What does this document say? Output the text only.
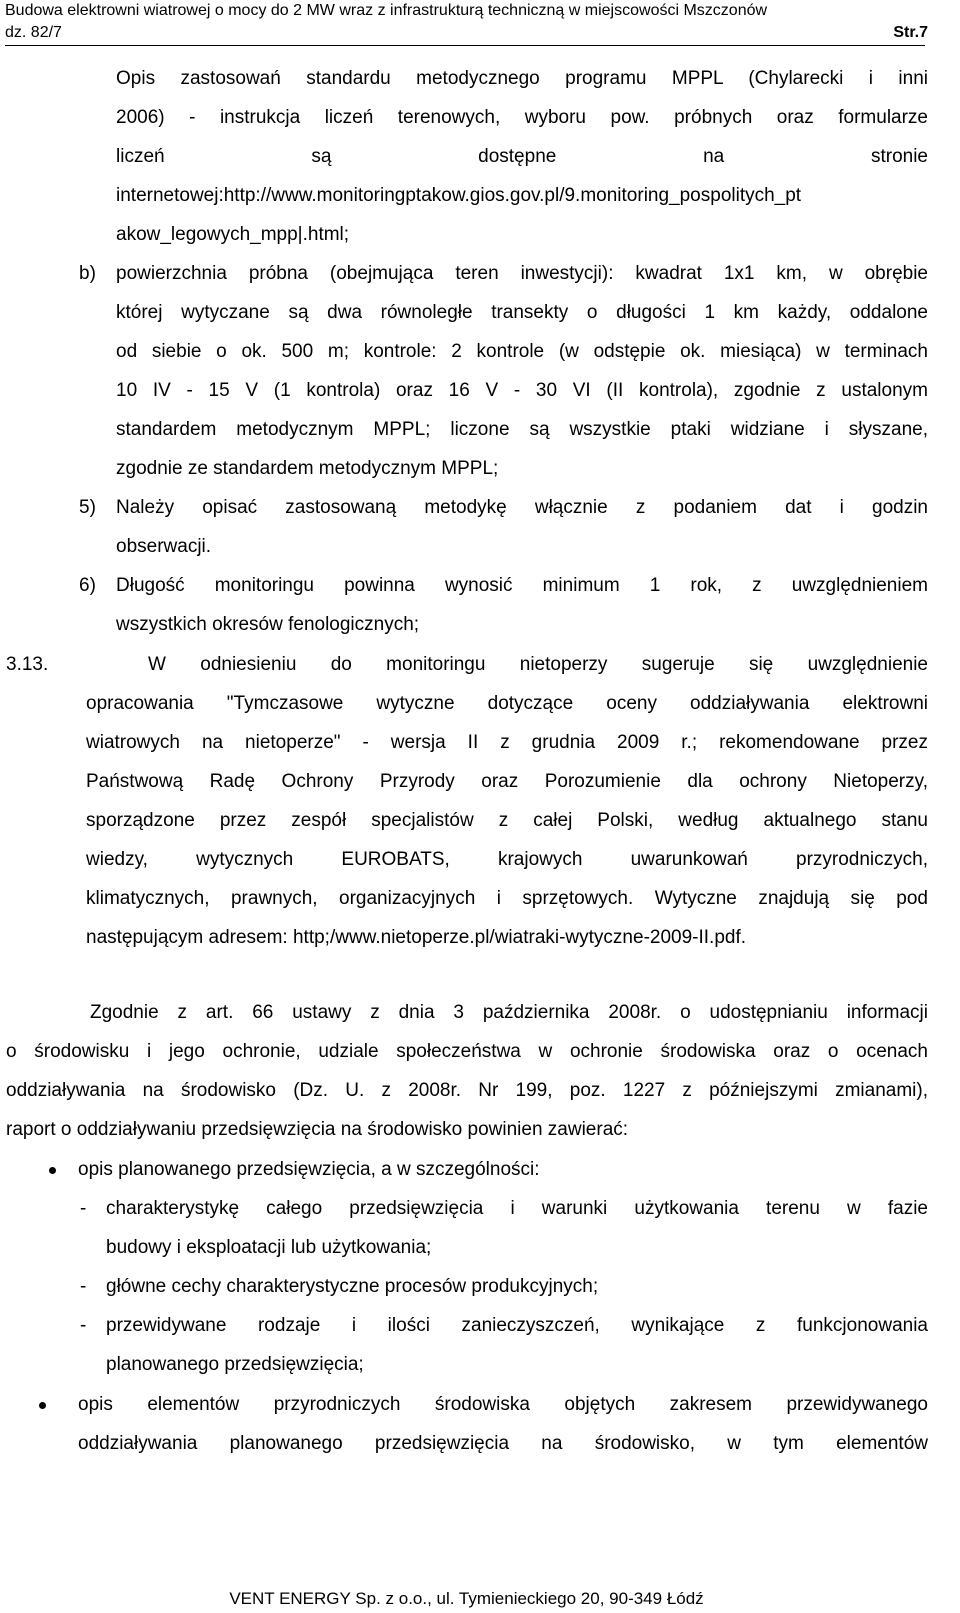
Budowa elektrowni wiatrowej o mocy do 2 MW wraz z infrastrukturą techniczną w miejscowości Mszczonów
dz. 82/7	Str.7
Opis zastosowań standardu metodycznego programu MPPL (Chylarecki i inni
2006) - instrukcja liczeń terenowych, wyboru pow. próbnych oraz formularze
liczeń są dostępne na stronie
internetowej:http://www.monitoringptakow.gios.gov.pl/9.monitoring_pospolitych_pt
akow_legowych_mpp|.html;
b) powierzchnia próbna (obejmująca teren inwestycji): kwadrat 1x1 km, w obrębie
której wytyczane są dwa równoległe transekty o długości 1 km każdy, oddalone
od siebie o ok. 500 m; kontrole: 2 kontrole (w odstępie ok. miesiąca) w terminach
10 IV - 15 V (1 kontrola) oraz 16 V - 30 VI (II kontrola), zgodnie z ustalonym
standardem metodycznym MPPL; liczone są wszystkie ptaki widziane i słyszane,
zgodnie ze standardem metodycznym MPPL;
5) Należy opisać zastosowaną metodykę włącznie z podaniem dat i godzin
obserwacji.
6) Długość monitoringu powinna wynosić minimum 1 rok, z uwzględnieniem
wszystkich okresów fenologicznych;
3.13.	W odniesieniu do monitoringu nietoperzy sugeruje się uwzględnienie
opracowania "Tymczasowe wytyczne dotyczące oceny oddziaływania elektrowni
wiatrowych na nietoperze" - wersja II z grudnia 2009 r.; rekomendowane przez
Państwową Radę Ochrony Przyrody oraz Porozumienie dla ochrony Nietoperzy,
sporządzone przez zespół specjalistów z całej Polski, według aktualnego stanu
wiedzy, wytycznych EUROBATS, krajowych uwarunkowań przyrodniczych,
klimatycznych, prawnych, organizacyjnych i sprzętowych. Wytyczne znajdują się pod
następującym adresem: http;/www.nietoperze.pl/wiatraki-wytyczne-2009-II.pdf.
Zgodnie z art. 66 ustawy z dnia 3 października 2008r. o udostępnianiu informacji
o środowisku i jego ochronie, udziale społeczeństwa w ochronie środowiska oraz o ocenach
oddziaływania na środowisko (Dz. U. z 2008r. Nr 199, poz. 1227 z późniejszymi zmianami),
raport o oddziaływaniu przedsięwzięcia na środowisko powinien zawierać:
opis planowanego przedsięwzięcia, a w szczególności:
- charakterystykę całego przedsięwzięcia i warunki użytkowania terenu w fazie
budowy i eksploatacji lub użytkowania;
- główne cechy charakterystyczne procesów produkcyjnych;
- przewidywane rodzaje i ilości zanieczyszczeń, wynikające z funkcjonowania
planowanego przedsięwzięcia;
opis elementów przyrodniczych środowiska objętych zakresem przewidywanego
oddziaływania planowanego przedsięwzięcia na środowisko, w tym elementów
VENT ENERGY Sp. z o.o., ul. Tymienieckiego 20, 90-349 Łódź
